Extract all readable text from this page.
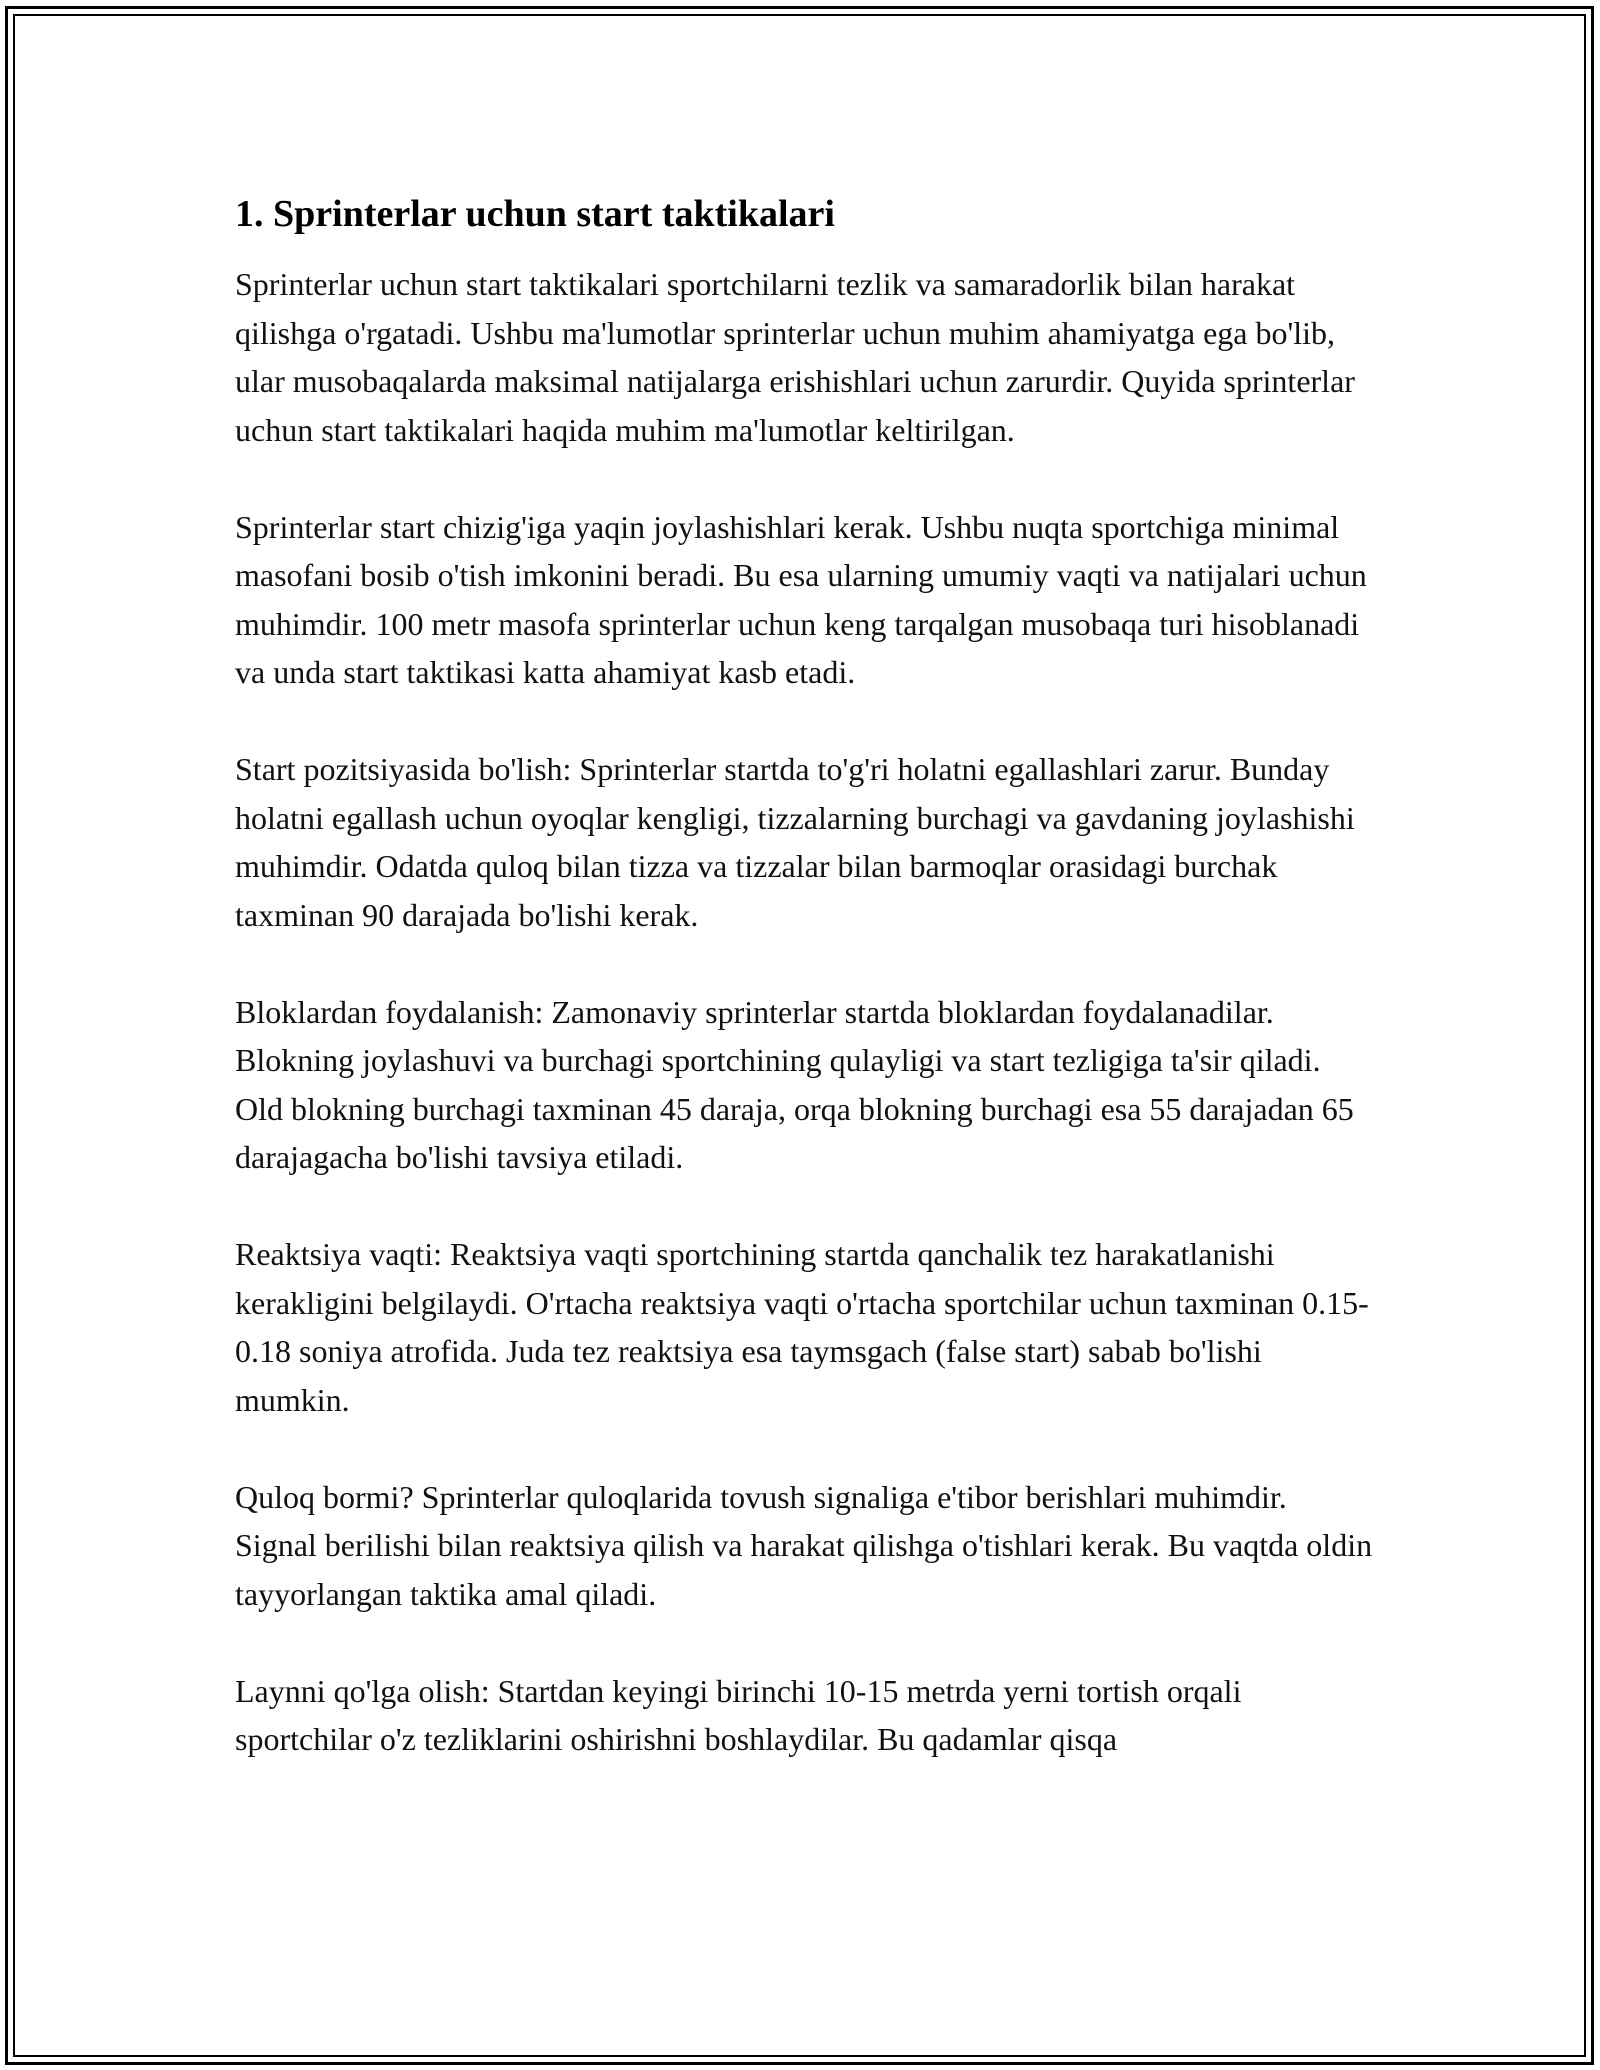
1. Sprinterlar uchun start taktikalari

Sprinterlar uchun start taktikalari sportchilarni tezlik va samaradorlik bilan harakat qilishga o'rgatadi. Ushbu ma'lumotlar sprinterlar uchun muhim ahamiyatga ega bo'lib, ular musobaqalarda maksimal natijalarga erishishlari uchun zarurdir. Quyida sprinterlar uchun start taktikalari haqida muhim ma'lumotlar keltirilgan.

Sprinterlar start chizig'iga yaqin joylashishlari kerak. Ushbu nuqta sportchiga minimal masofani bosib o'tish imkonini beradi. Bu esa ularning umumiy vaqti va natijalari uchun muhimdir. 100 metr masofa sprinterlar uchun keng tarqalgan musobaqa turi hisoblanadi va unda start taktikasi katta ahamiyat kasb etadi.

Start pozitsiyasida bo'lish: Sprinterlar startda to'g'ri holatni egallashlari zarur. Bunday holatni egallash uchun oyoqlar kengligi, tizzalarning burchagi va gavdaning joylashishi muhimdir. Odatda quloq bilan tizza va tizzalar bilan barmoqlar orasidagi burchak taxminan 90 darajada bo'lishi kerak.

Bloklardan foydalanish: Zamonaviy sprinterlar startda bloklardan foydalanadilar. Blokning joylashuvi va burchagi sportchining qulayligi va start tezligiga ta'sir qiladi. Old blokning burchagi taxminan 45 daraja, orqa blokning burchagi esa 55 darajadan 65 darajagacha bo'lishi tavsiya etiladi.

Reaktsiya vaqti: Reaktsiya vaqti sportchining startda qanchalik tez harakatlanishi kerakligini belgilaydi. O'rtacha reaktsiya vaqti o'rtacha sportchilar uchun taxminan 0.15-0.18 soniya atrofida. Juda tez reaktsiya esa taymsgach (false start) sabab bo'lishi mumkin.

Quloq bormi? Sprinterlar quloqlarida tovush signaliga e'tibor berishlari muhimdir. Signal berilishi bilan reaktsiya qilish va harakat qilishga o'tishlari kerak. Bu vaqtda oldin tayyorlangan taktika amal qiladi.

Laynni qo'lga olish: Startdan keyingi birinchi 10-15 metrda yerni tortish orqali sportchilar o'z tezliklarini oshirishni boshlaydilar. Bu qadamlar qisqa
